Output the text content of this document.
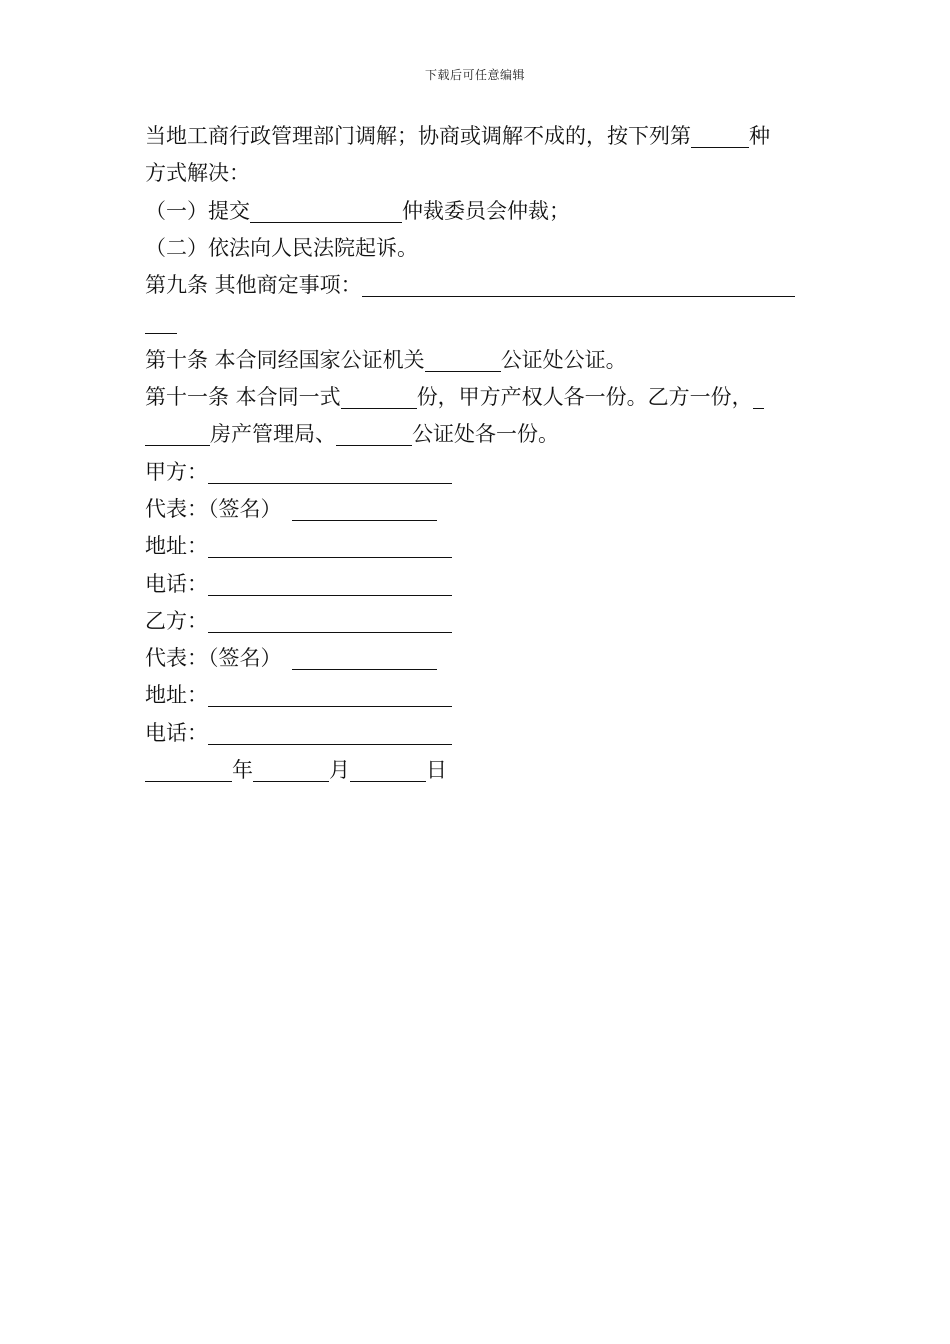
下载后可任意编辑
当地工商行政管理部门调解；协商或调解不成的，按下列第	种
方式解决：
（一）提交	仲裁委员会仲裁；
（二）依法向人民法院起诉。
第九条 其他商定事项：
第十条 本合同经国家公证机关	公证处公证。
第十一条 本合同一式	份，甲方产权人各一份。乙方一份，
房产管理局、	公证处各一份。
甲方：
代表：（签名）
地址：
电话：
乙方：
代表：（签名）
地址：
电话：
年	月	日
